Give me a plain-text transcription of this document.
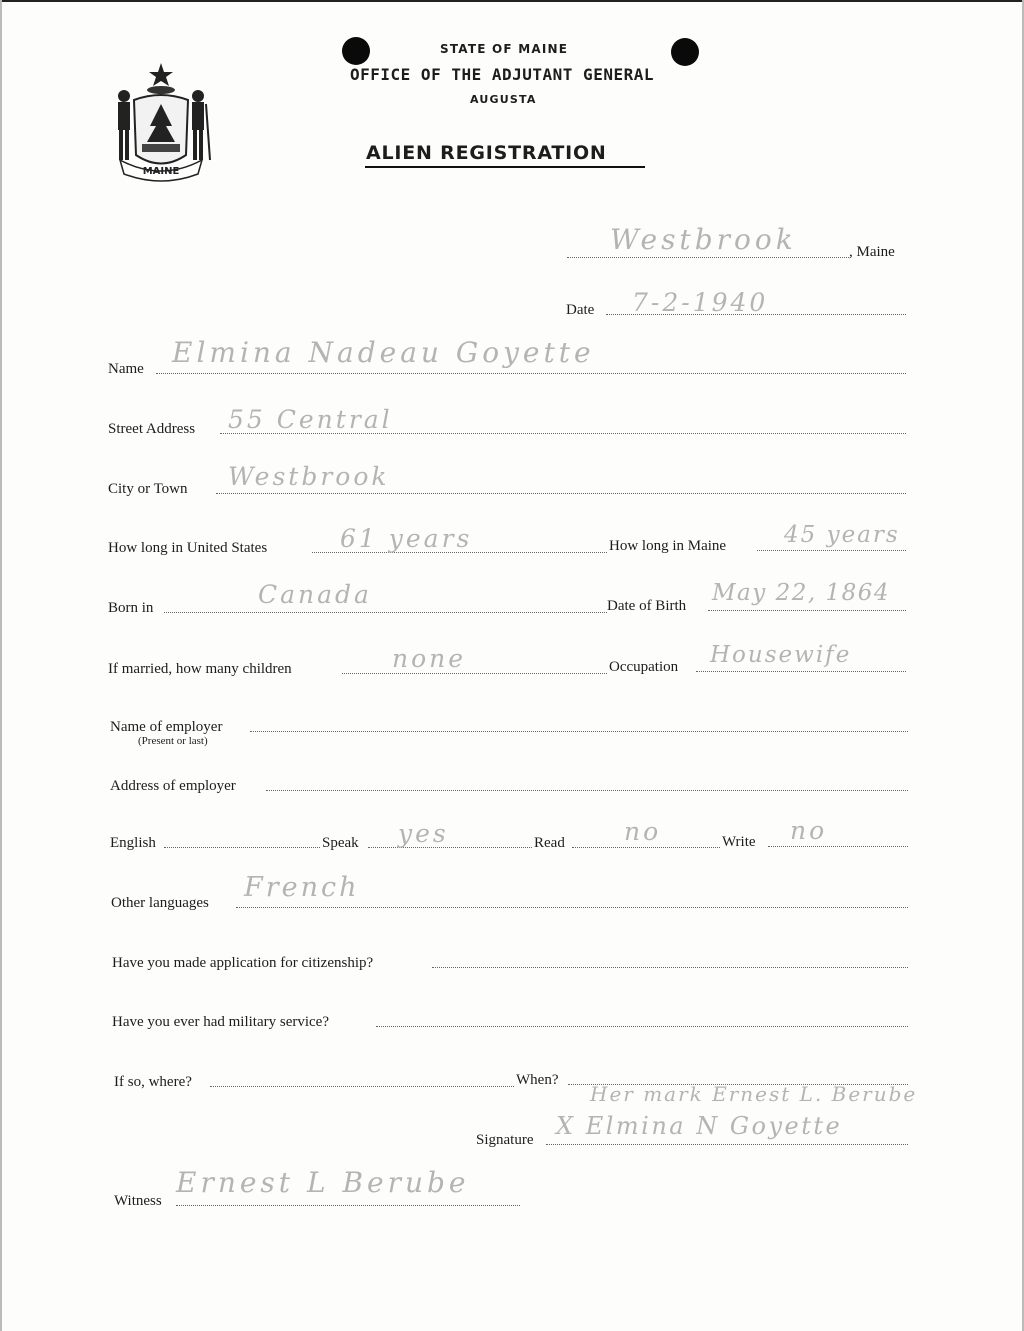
MAINE
STATE OF MAINE
OFFICE OF THE ADJUTANT GENERAL
AUGUSTA
ALIEN REGISTRATION
Westbrook	, Maine
Date 7-2-1940
Name Elmina Nadeau Goyette
Street Address 55 Central
City or Town Westbrook
How long in United States	61 years	How long in Maine	45 years
Born in	Canada	Date of Birth May 22, 1864
If married, how many children	none	Occupation Housewife
Name of employer
(Present or last)
Address of employer
English	Speak yes	Read no	Write no
Other languages French
Have you made application for citizenship?
Have you ever had military service?
If so, where?	When?
Her mark Ernest L. Berube
Signature X Elmina N Goyette
Witness
Ernest L Berube
